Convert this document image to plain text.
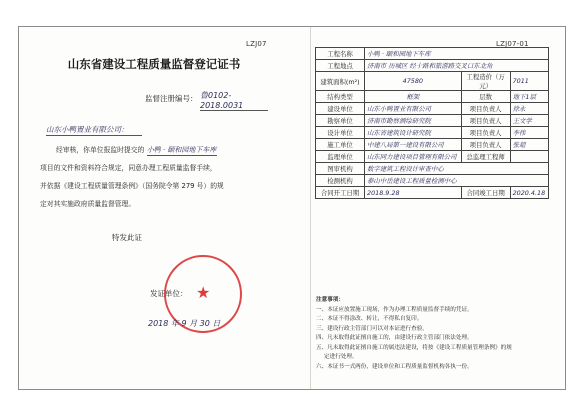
LZJ07
山东省建设工程质量监督登记证书
监督注册编号： 鲁0102-2018.0031
山东小鸭置业有限公司：
经审核，你单位报监时提交的 小鸭 · 颐和园地下车库
项目的文件和资料符合规定，同意办理工程质量监督手续，
并依据《建设工程质量管理条例》（国务院令第 279 号）的规
定对其实施政府质量监督管理。
特发此证
★
发证单位：
2018 年 9 月 30 日
LZJ07-01
工程名称	小鸭 · 颐和园地下车库		
工程地点	济南市 历城区 经十路和旅游路交叉口东北角		
建筑面积(m²)	47580	工程造价（万元）	7011
结构类型	框架	层数	地下1层
建设单位	山东小鸭置业有限公司	项目负责人	徐永
勘察单位	济南市勘察测绘研究院	项目负责人	王文学
设计单位	山东省建筑设计研究院	项目负责人	李伟
施工单位	中建八局第一建设有限公司	项目负责人	张超
监理单位	山东同力建设项目管理有限公司	总监理工程师	
图审机构	数字建筑工程设计审查中心		
检测机构	泰山中岳建设工程质量检测中心		
合同开工日期	2018.9.28	合同竣工日期	2020.4.18
注意事项：
一、本证应放置施工现场，作为办理工程质量监督手续的凭证。
二、本证不得涂改、转让，不得私自复印。
三、建设行政主管部门可以对本证进行查验。
四、凡未取得此证擅自施工的，由建设行政主管部门依法处理。
五、凡未取得此证擅自施工的属违法建设，将按《建设工程质量管理条例》的规
定进行处理。
六、本证书一式两份，建设单位和工程质量监督机构各执一份。
